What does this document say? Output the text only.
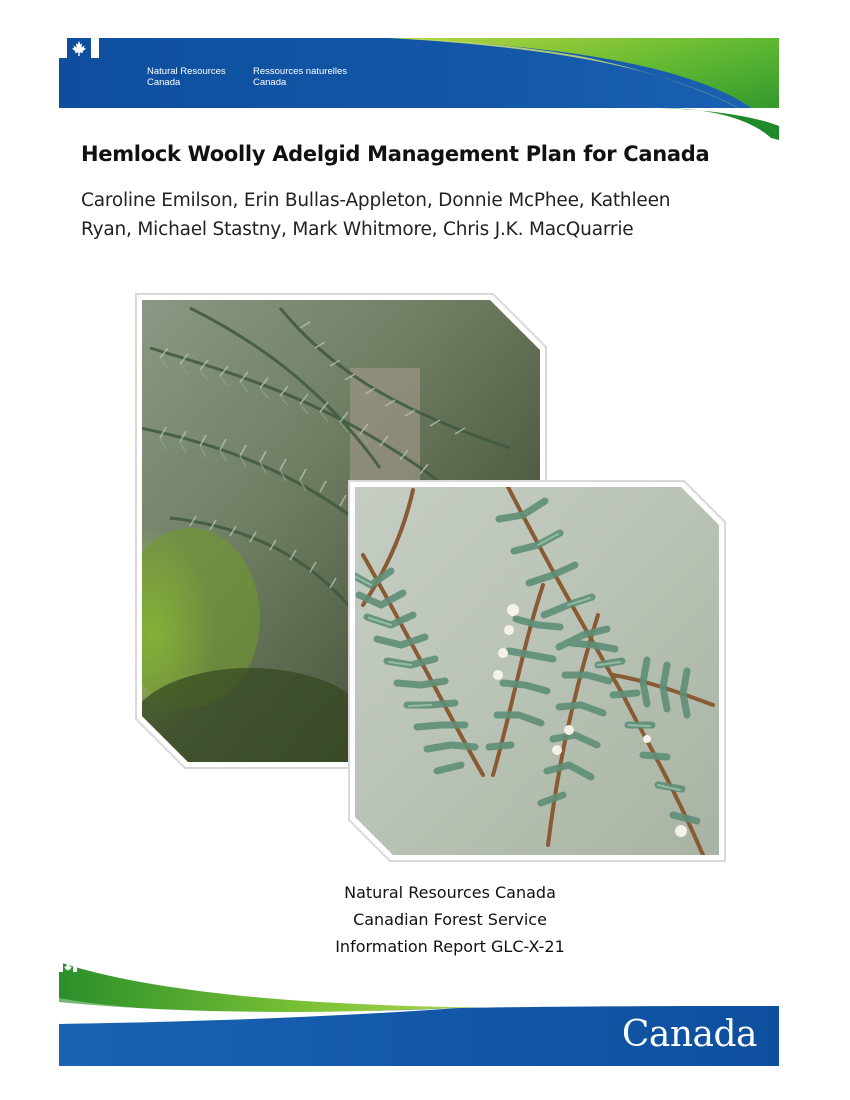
Natural Resources
Canada
Ressources naturelles
Canada
Hemlock Woolly Adelgid Management Plan for Canada
Caroline Emilson, Erin Bullas-Appleton, Donnie McPhee, Kathleen
Ryan, Michael Stastny, Mark Whitmore, Chris J.K. MacQuarrie
Natural Resources Canada
Canadian Forest Service
Information Report GLC-X-21
Canada
